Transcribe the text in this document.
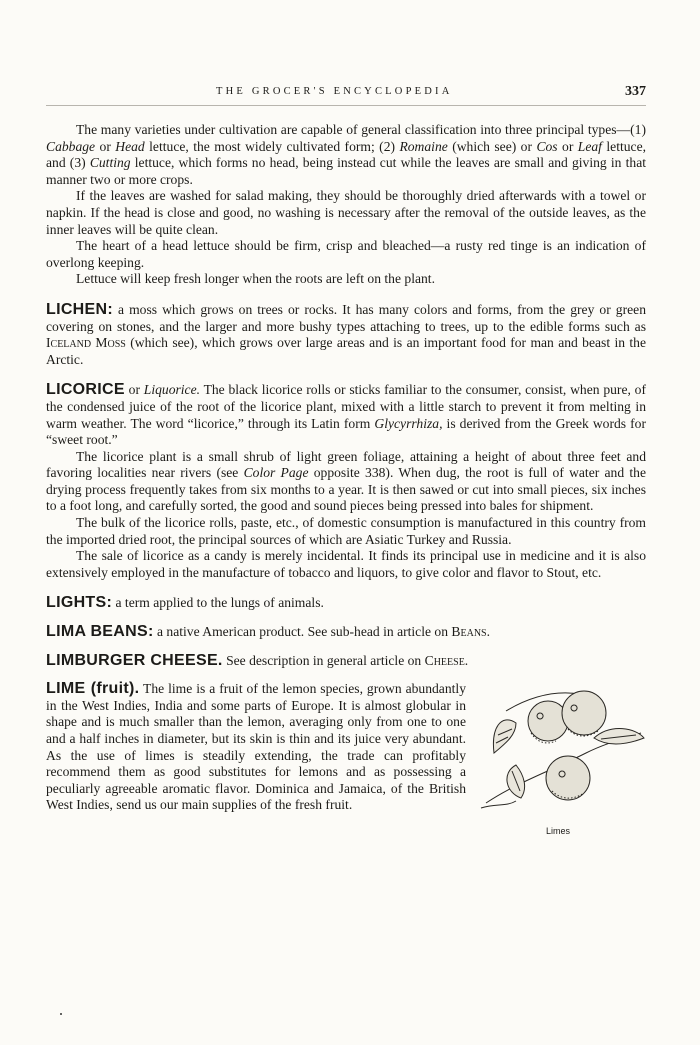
THE GROCER'S ENCYCLOPEDIA	337

The many varieties under cultivation are capable of general classification into three principal types—(1) Cabbage or Head lettuce, the most widely cultivated form; (2) Romaine (which see) or Cos or Leaf lettuce, and (3) Cutting lettuce, which forms no head, being instead cut while the leaves are small and giving in that manner two or more crops.

If the leaves are washed for salad making, they should be thoroughly dried afterwards with a towel or napkin. If the head is close and good, no washing is necessary after the removal of the outside leaves, as the inner leaves will be quite clean.

The heart of a head lettuce should be firm, crisp and bleached—a rusty red tinge is an indication of overlong keeping.

Lettuce will keep fresh longer when the roots are left on the plant.

LICHEN: a moss which grows on trees or rocks. It has many colors and forms, from the grey or green covering on stones, and the larger and more bushy types attaching to trees, up to the edible forms such as Iceland Moss (which see), which grows over large areas and is an important food for man and beast in the Arctic.

LICORICE or Liquorice. The black licorice rolls or sticks familiar to the consumer, consist, when pure, of the condensed juice of the root of the licorice plant, mixed with a little starch to prevent it from melting in warm weather. The word “licorice,” through its Latin form Glycyrrhiza, is derived from the Greek words for “sweet root.”

The licorice plant is a small shrub of light green foliage, attaining a height of about three feet and favoring localities near rivers (see Color Page opposite 338). When dug, the root is full of water and the drying process frequently takes from six months to a year. It is then sawed or cut into small pieces, six inches to a foot long, and carefully sorted, the good and sound pieces being pressed into bales for shipment.

The bulk of the licorice rolls, paste, etc., of domestic consumption is manufactured in this country from the imported dried root, the principal sources of which are Asiatic Turkey and Russia.

The sale of licorice as a candy is merely incidental. It finds its principal use in medicine and it is also extensively employed in the manufacture of tobacco and liquors, to give color and flavor to Stout, etc.

LIGHTS: a term applied to the lungs of animals.

LIMA BEANS: a native American product. See sub-head in article on Beans.

LIMBURGER CHEESE. See description in general article on Cheese.

Limes
LIME (fruit). The lime is a fruit of the lemon species, grown abundantly in the West Indies, India and some parts of Europe. It is almost globular in shape and is much smaller than the lemon, averaging only from one to one and a half inches in diameter, but its skin is thin and its juice very abundant. As the use of limes is steadily extending, the trade can profitably recommend them as good substitutes for lemons and as possessing a peculiarly agreeable aromatic flavor. Dominica and Jamaica, of the British West Indies, send us our main supplies of the fresh fruit.
